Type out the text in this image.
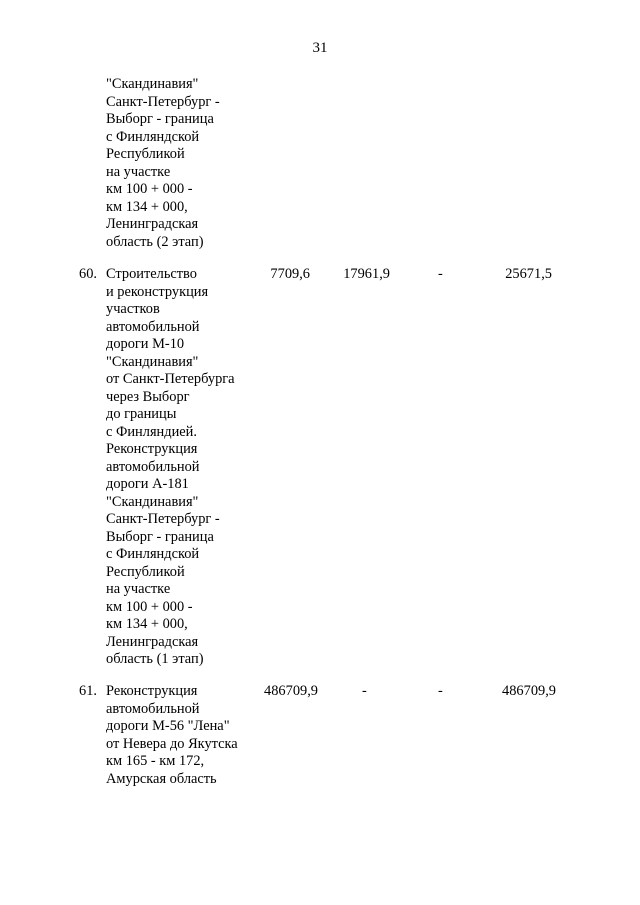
31
"Скандинавия"
Санкт-Петербург -
Выборг - граница
с Финляндской
Республикой
на участке
км 100 + 000 -
км 134 + 000,
Ленинградская
область (2 этап)
60. Строительство
и реконструкция
участков
автомобильной
дороги М-10
"Скандинавия"
от Санкт-Петербурга
через Выборг
до границы
с Финляндией.
Реконструкция
автомобильной
дороги А-181
"Скандинавия"
Санкт-Петербург -
Выборг - граница
с Финляндской
Республикой
на участке
км 100 + 000 -
км 134 + 000,
Ленинградская
область (1 этап)
7709,6 17961,9	-	25671,5
61. Реконструкция
автомобильной
дороги М-56 "Лена"
от Невера до Якутска
км 165 - км 172,
Амурская область
486709,9	-	-	486709,9
